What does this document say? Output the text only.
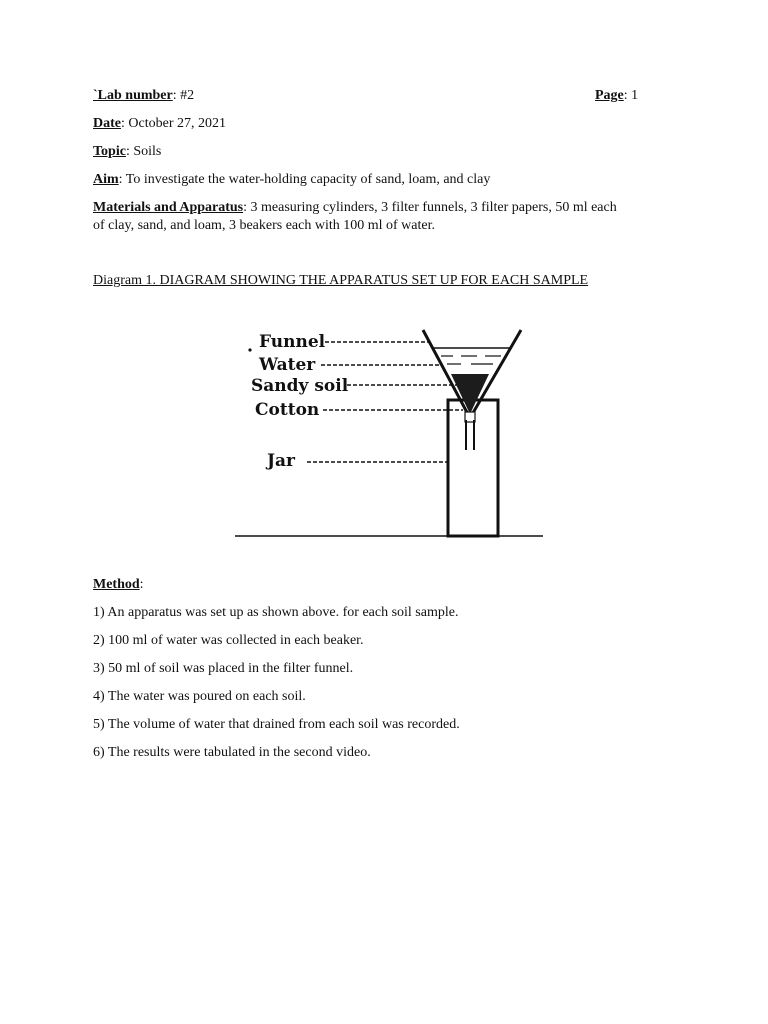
`Lab number: #2	Page: 1
Date: October 27, 2021
Topic: Soils
Aim: To investigate the water-holding capacity of sand, loam, and clay
Materials and Apparatus: 3 measuring cylinders, 3 filter funnels, 3 filter papers, 50 ml each
of clay, sand, and loam, 3 beakers each with 100 ml of water.
Diagram 1. DIAGRAM SHOWING THE APPARATUS SET UP FOR EACH SAMPLE
Funnel
Water
Sandy soil
Cotton
Jar
Method:
1) An apparatus was set up as shown above. for each soil sample.
2) 100 ml of water was collected in each beaker.
3) 50 ml of soil was placed in the filter funnel.
4) The water was poured on each soil.
5) The volume of water that drained from each soil was recorded.
6) The results were tabulated in the second video.
